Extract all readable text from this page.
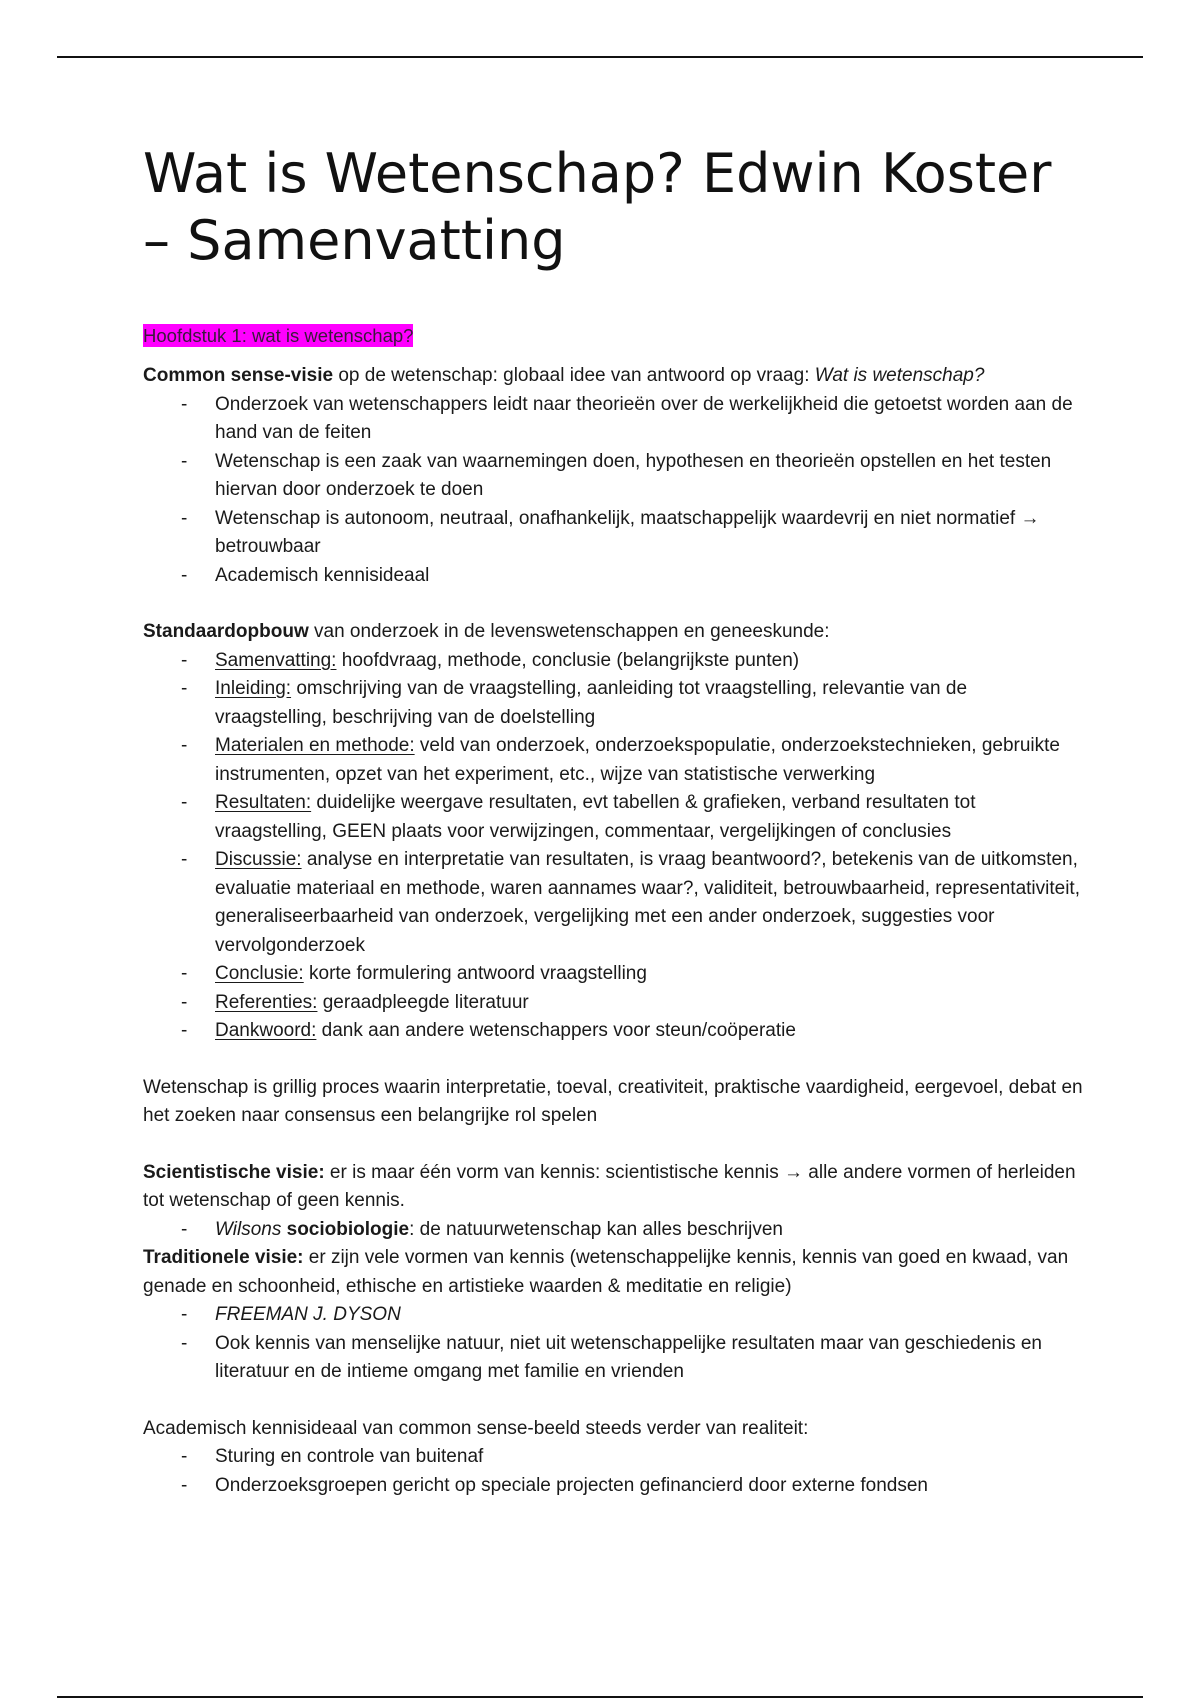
Wat is Wetenschap? Edwin Koster – Samenvatting
Hoofdstuk 1: wat is wetenschap?

Common sense-visie op de wetenschap: globaal idee van antwoord op vraag: Wat is wetenschap?

- Onderzoek van wetenschappers leidt naar theorieën over de werkelijkheid die getoetst worden aan de hand van de feiten
- Wetenschap is een zaak van waarnemingen doen, hypothesen en theorieën opstellen en het testen hiervan door onderzoek te doen
- Wetenschap is autonoom, neutraal, onafhankelijk, maatschappelijk waardevrij en niet normatief → betrouwbaar
- Academisch kennisideaal

Standaardopbouw van onderzoek in de levenswetenschappen en geneeskunde:

- Samenvatting: hoofdvraag, methode, conclusie (belangrijkste punten)
- Inleiding: omschrijving van de vraagstelling, aanleiding tot vraagstelling, relevantie van de vraagstelling, beschrijving van de doelstelling
- Materialen en methode: veld van onderzoek, onderzoekspopulatie, onderzoekstechnieken, gebruikte instrumenten, opzet van het experiment, etc., wijze van statistische verwerking
- Resultaten: duidelijke weergave resultaten, evt tabellen & grafieken, verband resultaten tot vraagstelling, GEEN plaats voor verwijzingen, commentaar, vergelijkingen of conclusies
- Discussie: analyse en interpretatie van resultaten, is vraag beantwoord?, betekenis van de uitkomsten, evaluatie materiaal en methode, waren aannames waar?, validiteit, betrouwbaarheid, representativiteit, generaliseerbaarheid van onderzoek, vergelijking met een ander onderzoek, suggesties voor vervolgonderzoek
- Conclusie: korte formulering antwoord vraagstelling
- Referenties: geraadpleegde literatuur
- Dankwoord: dank aan andere wetenschappers voor steun/coöperatie

Wetenschap is grillig proces waarin interpretatie, toeval, creativiteit, praktische vaardigheid, eergevoel, debat en het zoeken naar consensus een belangrijke rol spelen

Scientistische visie: er is maar één vorm van kennis: scientistische kennis → alle andere vormen of herleiden tot wetenschap of geen kennis.

- Wilsons sociobiologie: de natuurwetenschap kan alles beschrijven

Traditionele visie: er zijn vele vormen van kennis (wetenschappelijke kennis, kennis van goed en kwaad, van genade en schoonheid, ethische en artistieke waarden & meditatie en religie)

- FREEMAN J. DYSON
- Ook kennis van menselijke natuur, niet uit wetenschappelijke resultaten maar van geschiedenis en literatuur en de intieme omgang met familie en vrienden

Academisch kennisideaal van common sense-beeld steeds verder van realiteit:

- Sturing en controle van buitenaf
- Onderzoeksgroepen gericht op speciale projecten gefinancierd door externe fondsen
